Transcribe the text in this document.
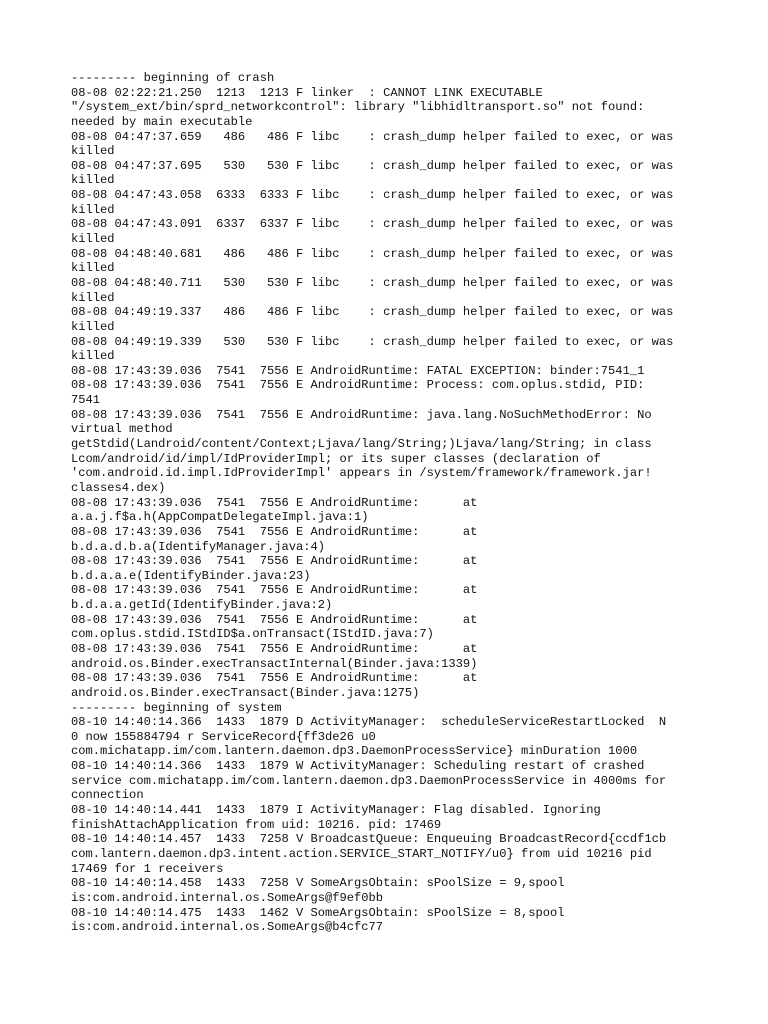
--------- beginning of crash
08-08 02:22:21.250  1213  1213 F linker  : CANNOT LINK EXECUTABLE
"/system_ext/bin/sprd_networkcontrol": library "libhidltransport.so" not found:
needed by main executable
08-08 04:47:37.659   486   486 F libc    : crash_dump helper failed to exec, or was
killed
08-08 04:47:37.695   530   530 F libc    : crash_dump helper failed to exec, or was
killed
08-08 04:47:43.058  6333  6333 F libc    : crash_dump helper failed to exec, or was
killed
08-08 04:47:43.091  6337  6337 F libc    : crash_dump helper failed to exec, or was
killed
08-08 04:48:40.681   486   486 F libc    : crash_dump helper failed to exec, or was
killed
08-08 04:48:40.711   530   530 F libc    : crash_dump helper failed to exec, or was
killed
08-08 04:49:19.337   486   486 F libc    : crash_dump helper failed to exec, or was
killed
08-08 04:49:19.339   530   530 F libc    : crash_dump helper failed to exec, or was
killed
08-08 17:43:39.036  7541  7556 E AndroidRuntime: FATAL EXCEPTION: binder:7541_1
08-08 17:43:39.036  7541  7556 E AndroidRuntime: Process: com.oplus.stdid, PID:
7541
08-08 17:43:39.036  7541  7556 E AndroidRuntime: java.lang.NoSuchMethodError: No
virtual method
getStdid(Landroid/content/Context;Ljava/lang/String;)Ljava/lang/String; in class
Lcom/android/id/impl/IdProviderImpl; or its super classes (declaration of
'com.android.id.impl.IdProviderImpl' appears in /system/framework/framework.jar!
classes4.dex)
08-08 17:43:39.036  7541  7556 E AndroidRuntime:      at
a.a.j.f$a.h(AppCompatDelegateImpl.java:1)
08-08 17:43:39.036  7541  7556 E AndroidRuntime:      at
b.d.a.d.b.a(IdentifyManager.java:4)
08-08 17:43:39.036  7541  7556 E AndroidRuntime:      at
b.d.a.a.e(IdentifyBinder.java:23)
08-08 17:43:39.036  7541  7556 E AndroidRuntime:      at
b.d.a.a.getId(IdentifyBinder.java:2)
08-08 17:43:39.036  7541  7556 E AndroidRuntime:      at
com.oplus.stdid.IStdID$a.onTransact(IStdID.java:7)
08-08 17:43:39.036  7541  7556 E AndroidRuntime:      at
android.os.Binder.execTransactInternal(Binder.java:1339)
08-08 17:43:39.036  7541  7556 E AndroidRuntime:      at
android.os.Binder.execTransact(Binder.java:1275)
--------- beginning of system
08-10 14:40:14.366  1433  1879 D ActivityManager:  scheduleServiceRestartLocked  N
0 now 155884794 r ServiceRecord{ff3de26 u0
com.michatapp.im/com.lantern.daemon.dp3.DaemonProcessService} minDuration 1000
08-10 14:40:14.366  1433  1879 W ActivityManager: Scheduling restart of crashed
service com.michatapp.im/com.lantern.daemon.dp3.DaemonProcessService in 4000ms for
connection
08-10 14:40:14.441  1433  1879 I ActivityManager: Flag disabled. Ignoring
finishAttachApplication from uid: 10216. pid: 17469
08-10 14:40:14.457  1433  7258 V BroadcastQueue: Enqueuing BroadcastRecord{ccdf1cb
com.lantern.daemon.dp3.intent.action.SERVICE_START_NOTIFY/u0} from uid 10216 pid
17469 for 1 receivers
08-10 14:40:14.458  1433  7258 V SomeArgsObtain: sPoolSize = 9,spool
is:com.android.internal.os.SomeArgs@f9ef0bb
08-10 14:40:14.475  1433  1462 V SomeArgsObtain: sPoolSize = 8,spool
is:com.android.internal.os.SomeArgs@b4cfc77
